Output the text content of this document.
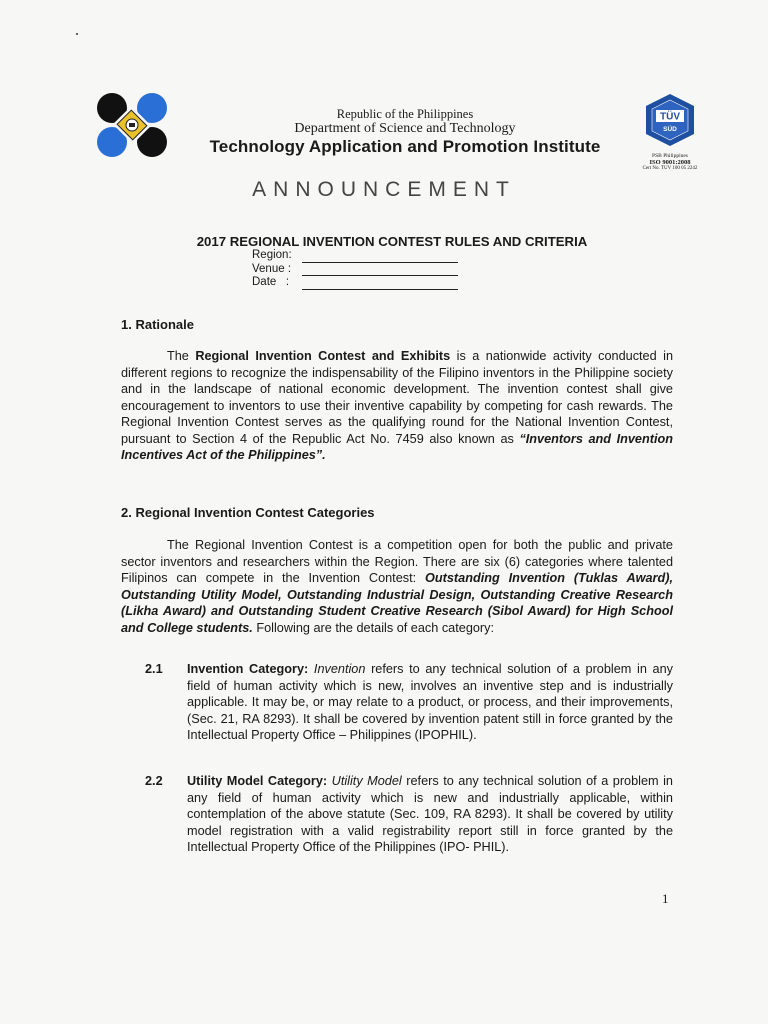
Republic of the Philippines
Department of Science and Technology
Technology Application and Promotion Institute
TÜV
SÜD
PSB Philippines
ISO 9001:2008
Cert No. TUV 100 05 2242
ANNOUNCEMENT
2017 REGIONAL INVENTION CONTEST RULES AND CRITERIA
Region:
Venue :
Date   :
1. Rationale
The Regional Invention Contest and Exhibits is a nationwide activity conducted in different regions to recognize the indispensability of the Filipino inventors in the Philippine society and in the landscape of national economic development. The invention contest shall give encouragement to inventors to use their inventive capability by competing for cash rewards. The Regional Invention Contest serves as the qualifying round for the National Invention Contest, pursuant to Section 4 of the Republic Act No. 7459 also known as “Inventors and Invention Incentives Act of the Philippines”.
2. Regional Invention Contest Categories
The Regional Invention Contest is a competition open for both the public and private sector inventors and researchers within the Region. There are six (6) categories where talented Filipinos can compete in the Invention Contest: Outstanding Invention (Tuklas Award), Outstanding Utility Model, Outstanding Industrial Design, Outstanding Creative Research (Likha Award) and Outstanding Student Creative Research (Sibol Award) for High School and College students. Following are the details of each category:
2.1 Invention Category: Invention refers to any technical solution of a problem in any field of human activity which is new, involves an inventive step and is industrially applicable. It may be, or may relate to a product, or process, and their improvements, (Sec. 21, RA 8293). It shall be covered by invention patent still in force granted by the Intellectual Property Office – Philippines (IPOPHIL).
2.2 Utility Model Category: Utility Model refers to any technical solution of a problem in any field of human activity which is new and industrially applicable, within contemplation of the above statute (Sec. 109, RA 8293). It shall be covered by utility model registration with a valid registrability report still in force granted by the Intellectual Property Office of the Philippines (IPO- PHIL).
1
